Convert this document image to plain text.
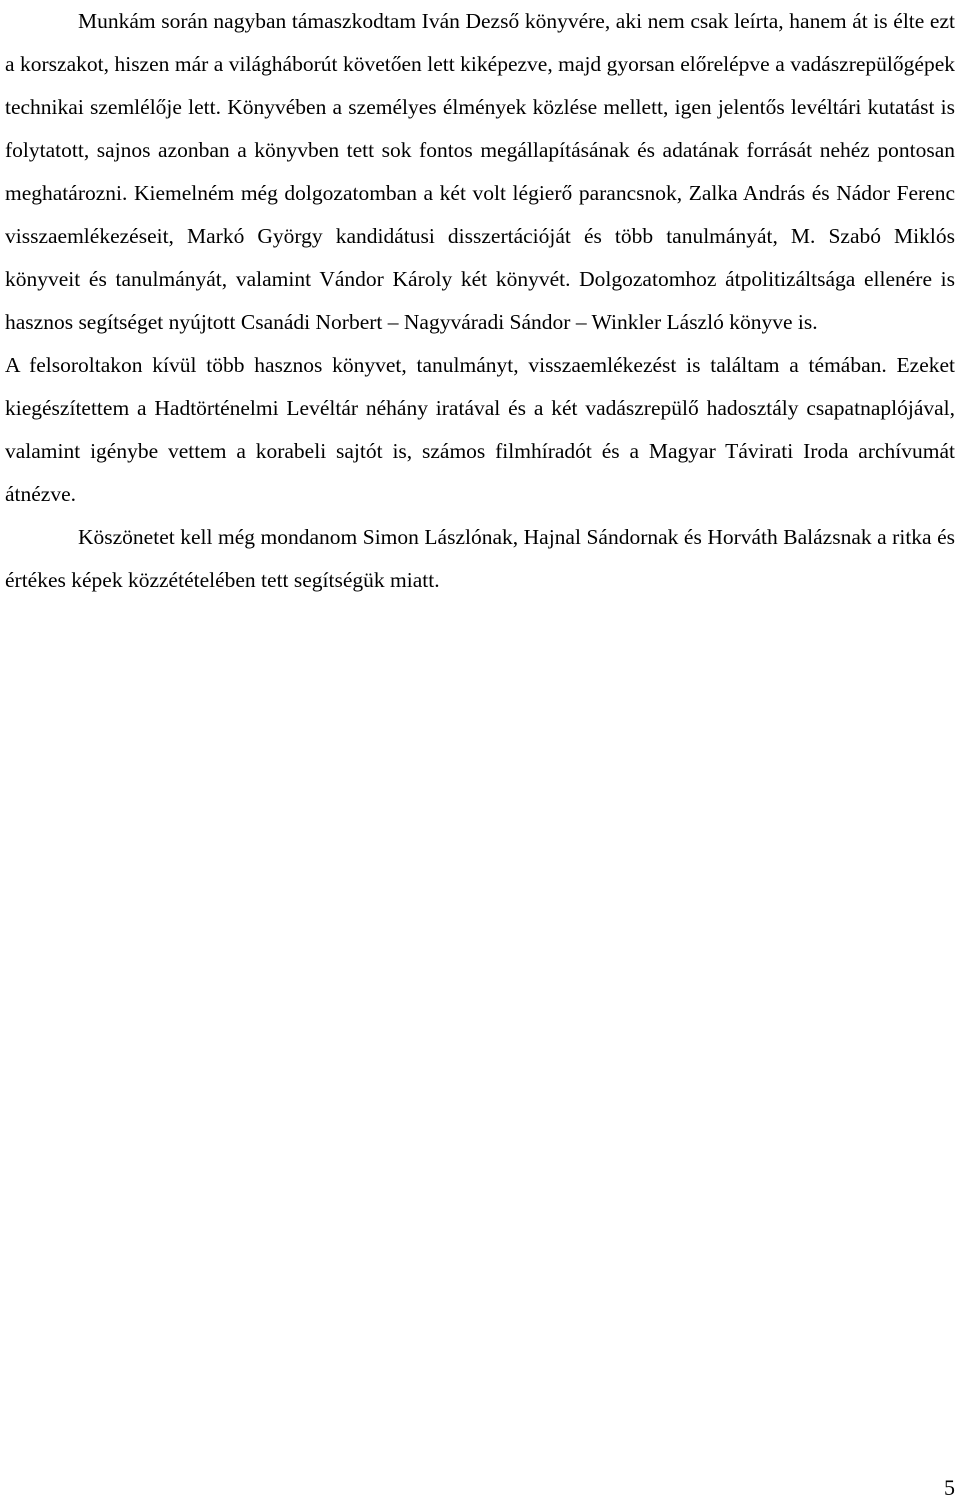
Munkám során nagyban támaszkodtam Iván Dezső könyvére, aki nem csak leírta, hanem át is élte ezt a korszakot, hiszen már a világháborút követően lett kiképezve, majd gyorsan előrelépve a vadászrepülőgépek technikai szemlélője lett. Könyvében a személyes élmények közlése mellett, igen jelentős levéltári kutatást is folytatott, sajnos azonban a könyvben tett sok fontos megállapításának és adatának forrását nehéz pontosan meghatározni. Kiemelném még dolgozatomban a két volt légierő parancsnok, Zalka András és Nádor Ferenc visszaemlékezéseit, Markó György kandidátusi disszertációját és több tanulmányát, M. Szabó Miklós könyveit és tanulmányát, valamint Vándor Károly két könyvét. Dolgozatomhoz átpolitizáltsága ellenére is hasznos segítséget nyújtott Csanádi Norbert – Nagyváradi Sándor – Winkler László könyve is.

A felsoroltakon kívül több hasznos könyvet, tanulmányt, visszaemlékezést is találtam a témában. Ezeket kiegészítettem a Hadtörténelmi Levéltár néhány iratával és a két vadászrepülő hadosztály csapatnaplójával, valamint igénybe vettem a korabeli sajtót is, számos filmhíradót és a Magyar Távirati Iroda archívumát átnézve.

Köszönetet kell még mondanom Simon Lászlónak, Hajnal Sándornak és Horváth Balázsnak a ritka és értékes képek közzétételében tett segítségük miatt.

5
